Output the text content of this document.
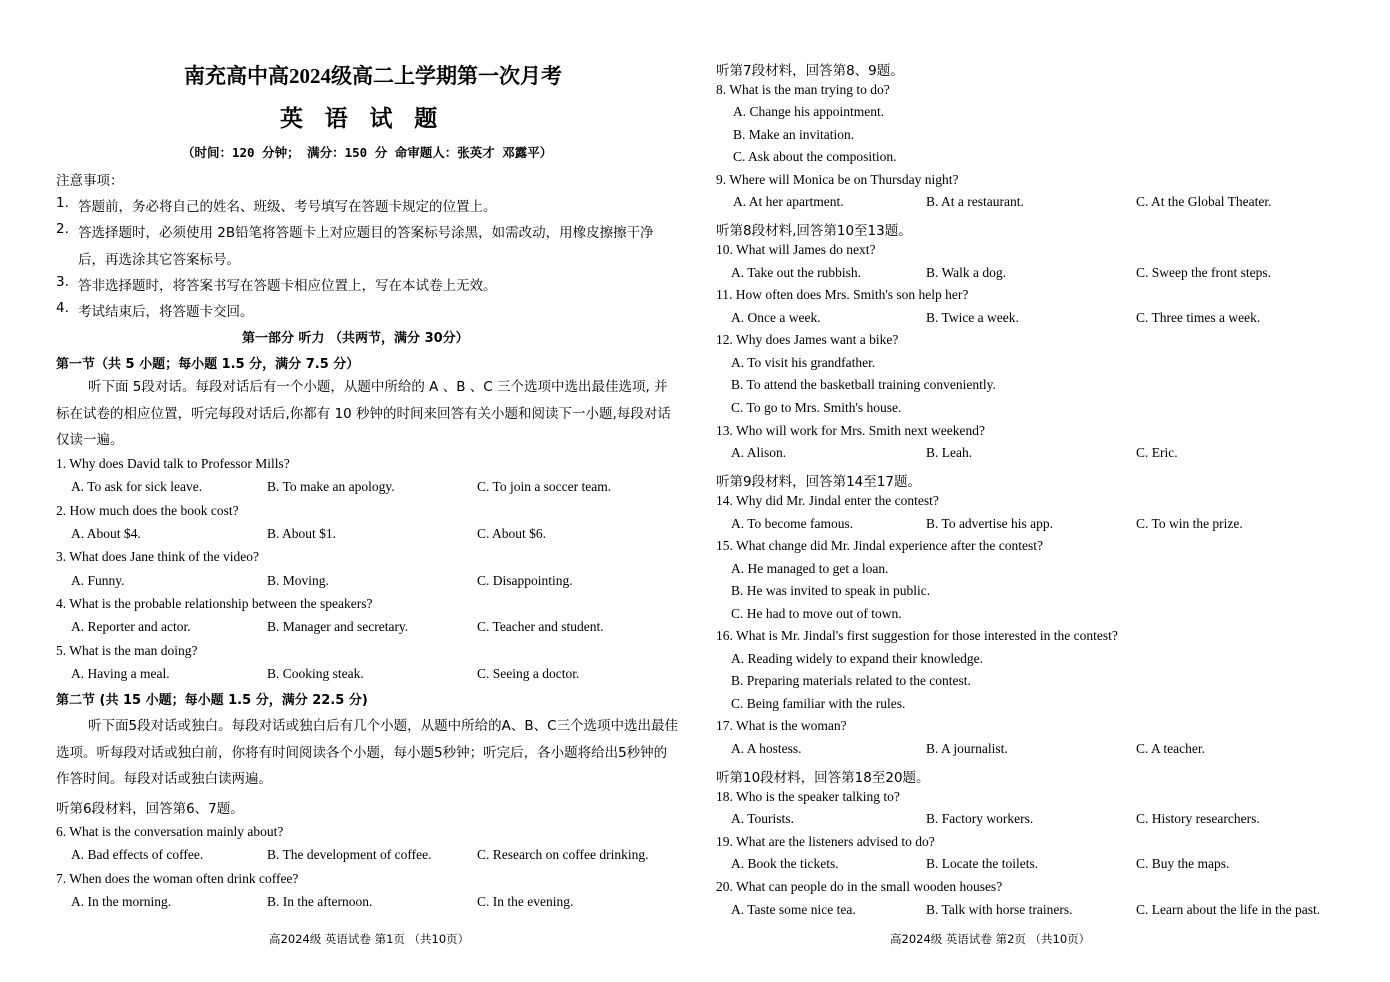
南充高中高2024级高二上学期第一次月考
英 语 试 题
（时间：120 分钟； 满分：150 分 命审题人：张英才 邓露平）
注意事项：
1. 答题前，务必将自己的姓名、班级、考号填写在答题卡规定的位置上。
2. 答选择题时，必须使用 2B铅笔将答题卡上对应题目的答案标号涂黑，如需改动，用橡皮擦擦干净
后，再选涂其它答案标号。
3. 答非选择题时，将答案书写在答题卡相应位置上，写在本试卷上无效。
4. 考试结束后，将答题卡交回。
第一部分 听力 （共两节，满分 30分）
第一节（共 5 小题；每小题 1.5 分，满分 7.5 分）
听下面 5段对话。每段对话后有一个小题，从题中所给的 A 、B 、C 三个选项中选出最佳选项, 并标在试卷的相应位置，听完每段对话后,你都有 10 秒钟的时间来回答有关小题和阅读下一小题,每段对话仅读一遍。
1. Why does David talk to Professor Mills?
A. To ask for sick leave.	B. To make an apology.	C. To join a soccer team.
2. How much does the book cost?
A. About $4.	B. About $1.	C. About $6.
3. What does Jane think of the video?
A. Funny.	B. Moving.	C. Disappointing.
4. What is the probable relationship between the speakers?
A. Reporter and actor.	B. Manager and secretary.	C. Teacher and student.
5. What is the man doing?
A. Having a meal.	B. Cooking steak.	C. Seeing a doctor.
第二节 (共 15 小题；每小题 1.5 分，满分 22.5 分)
听下面5段对话或独白。每段对话或独白后有几个小题，从题中所给的A、B、C三个选项中选出最佳选项。听每段对话或独白前，你将有时间阅读各个小题，每小题5秒钟；听完后，各小题将给出5秒钟的作答时间。每段对话或独白读两遍。
听第6段材料，回答第6、7题。
6. What is the conversation mainly about?
A. Bad effects of coffee.	B. The development of coffee.	C. Research on coffee drinking.
7. When does the woman often drink coffee?
A. In the morning.	B. In the afternoon.	C. In the evening.
高2024级 英语试卷 第1页 （共10页）
听第7段材料，回答第8、9题。
8. What is the man trying to do?
A. Change his appointment.
B. Make an invitation.
C. Ask about the composition.
9. Where will Monica be on Thursday night?
A. At her apartment.	B. At a restaurant.	C. At the Global Theater.
听第8段材料,回答第10至13题。
10. What will James do next?
A. Take out the rubbish.	B. Walk a dog.	C. Sweep the front steps.
11. How often does Mrs. Smith's son help her?
A. Once a week.	B. Twice a week.	C. Three times a week.
12. Why does James want a bike?
A. To visit his grandfather.
B. To attend the basketball training conveniently.
C. To go to Mrs. Smith's house.
13. Who will work for Mrs. Smith next weekend?
A. Alison.	B. Leah.	C. Eric.
听第9段材料，回答第14至17题。
14. Why did Mr. Jindal enter the contest?
A. To become famous.	B. To advertise his app.	C. To win the prize.
15. What change did Mr. Jindal experience after the contest?
A. He managed to get a loan.
B. He was invited to speak in public.
C. He had to move out of town.
16. What is Mr. Jindal's first suggestion for those interested in the contest?
A. Reading widely to expand their knowledge.
B. Preparing materials related to the contest.
C. Being familiar with the rules.
17. What is the woman?
A. A hostess.	B. A journalist.	C. A teacher.
听第10段材料，回答第18至20题。
18. Who is the speaker talking to?
A. Tourists.	B. Factory workers.	C. History researchers.
19. What are the listeners advised to do?
A. Book the tickets.	B. Locate the toilets.	C. Buy the maps.
20. What can people do in the small wooden houses?
A. Taste some nice tea.	B. Talk with horse trainers.	C. Learn about the life in the past.
高2024级 英语试卷 第2页 （共10页）
